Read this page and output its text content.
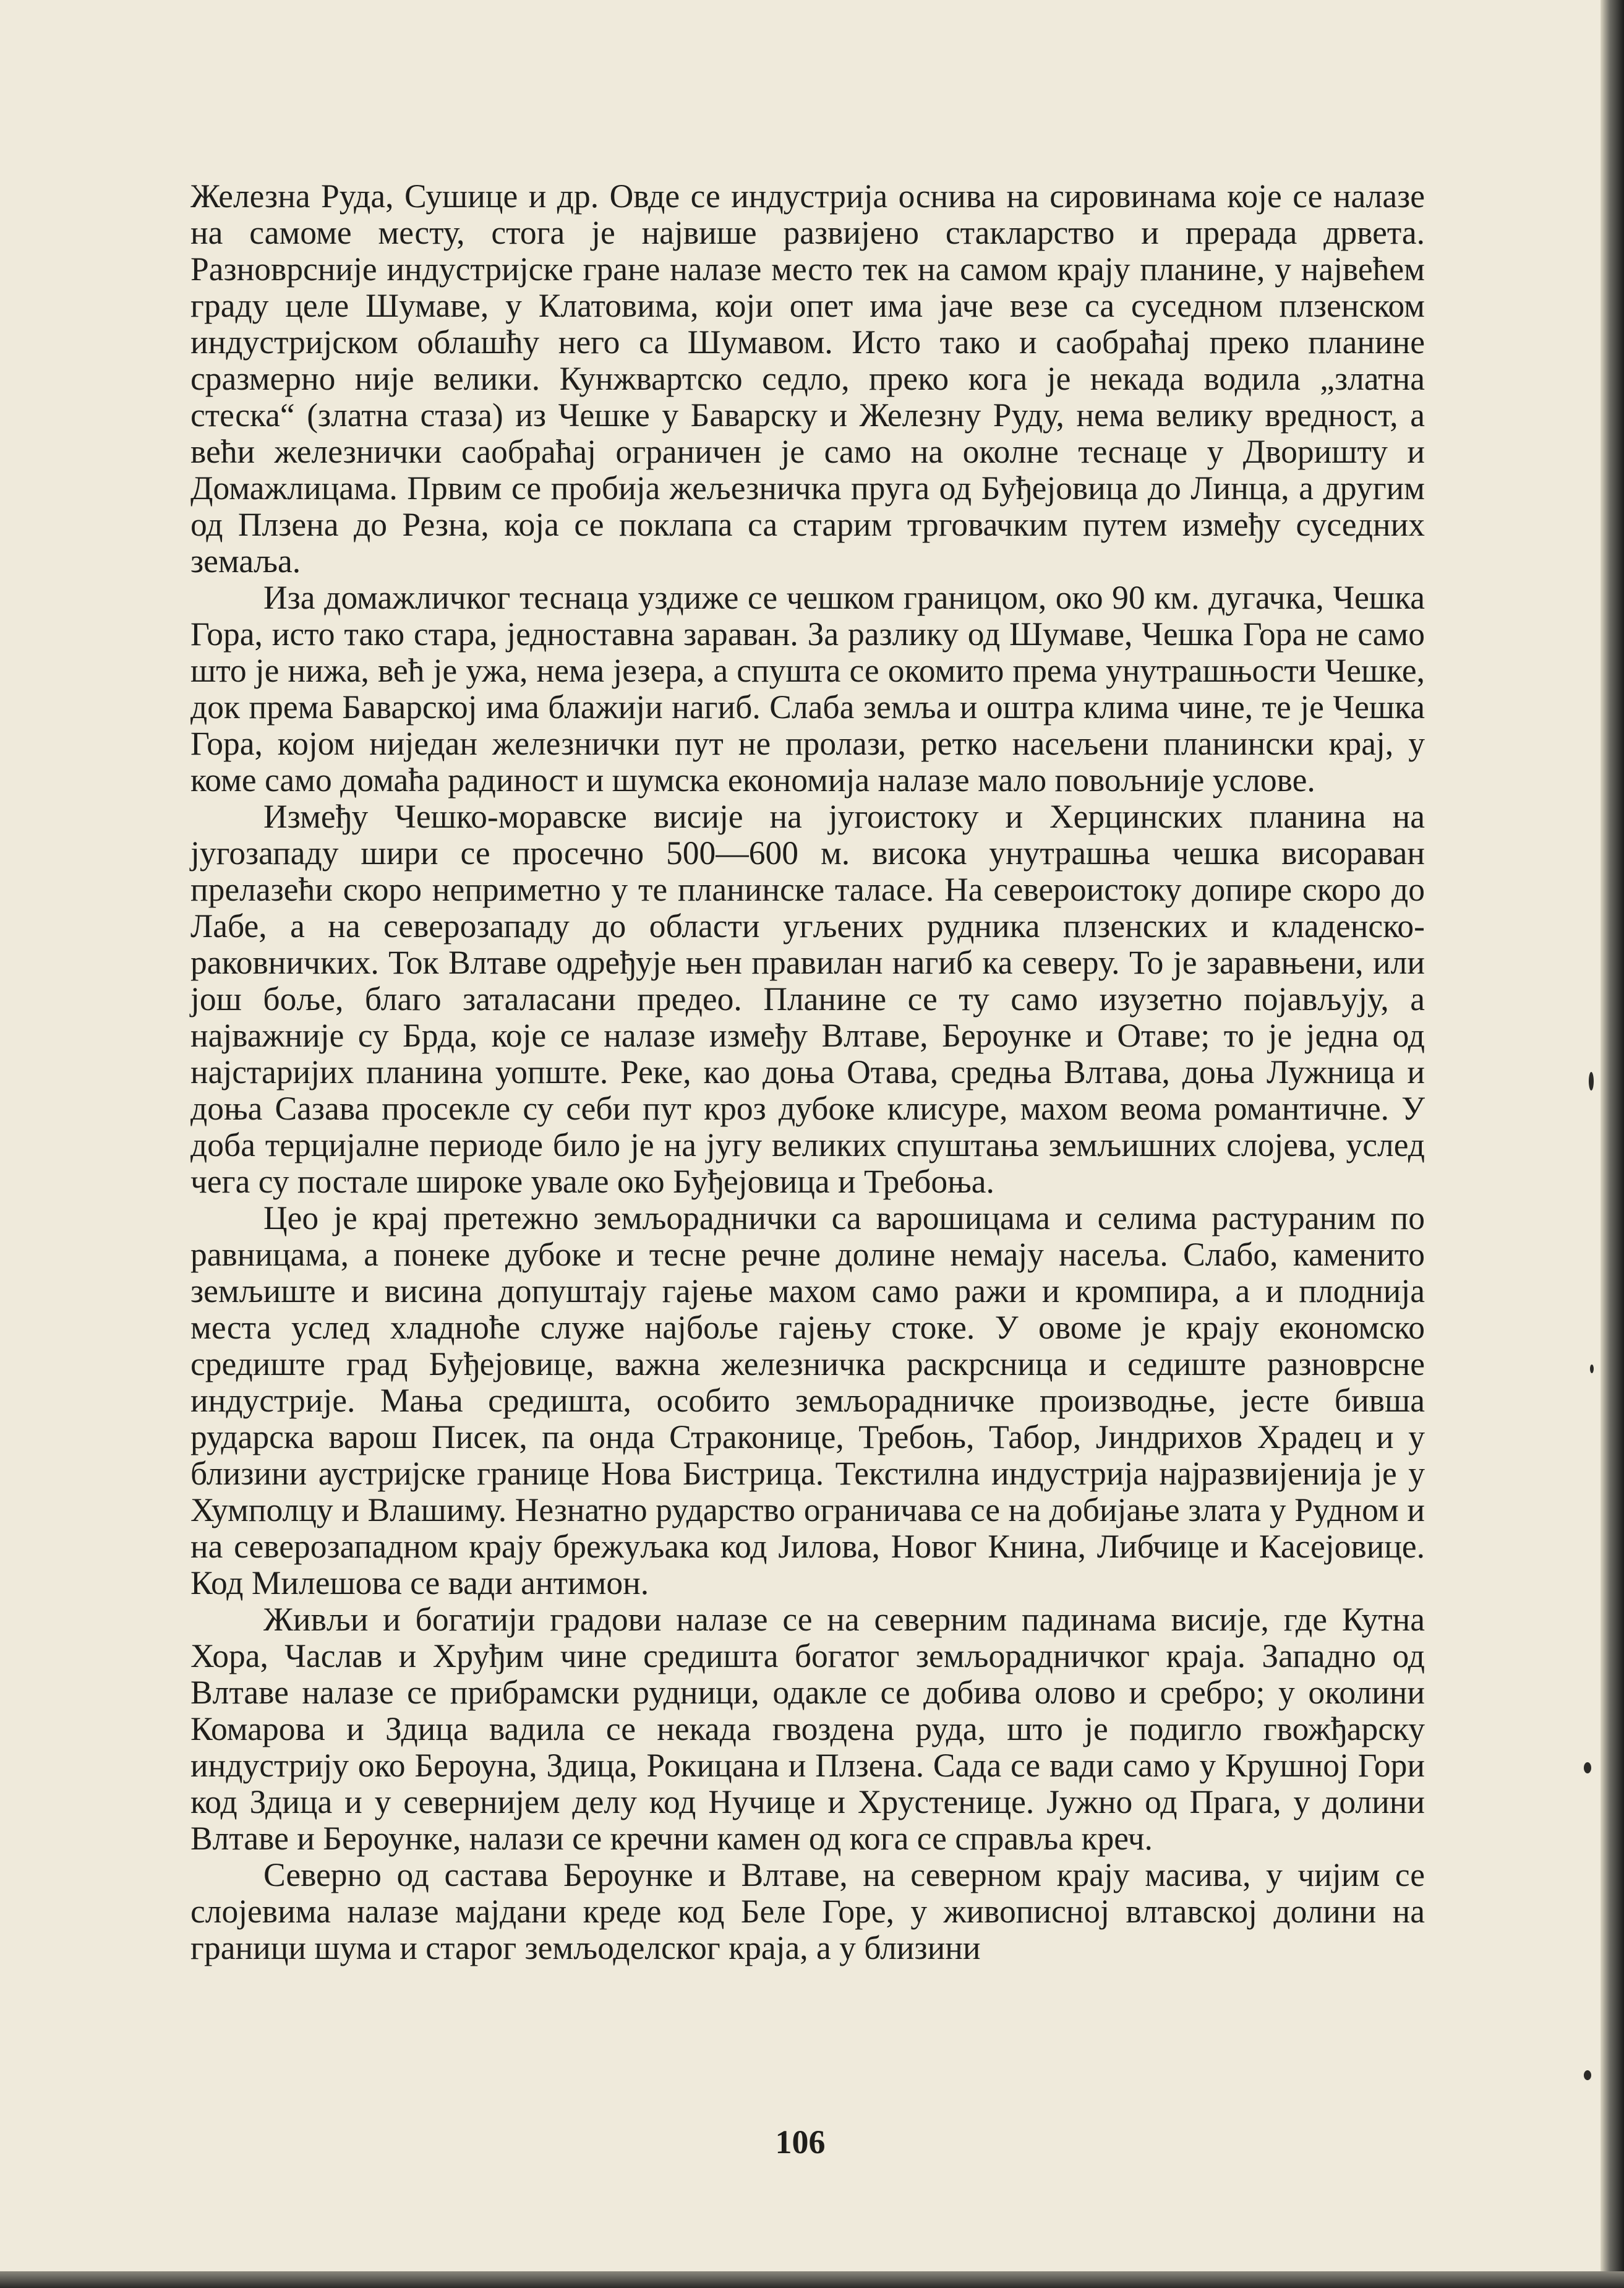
Железна Руда, Сушице и др. Овде се индустрија оснива на сировинама које се налазе на самоме месту, стога је највише развијено стакларство и прерада дрвета. Разноврсније индустријске гране налазе место тек на самом крају планине, у највећем граду целе Шумаве, у Клатовима, који опет има јаче везе са суседном плзенском индустријском облашћу него са Шумавом. Исто тако и саобраћај преко планине сразмерно није велики. Кунжвартско седло, преко кога је некада водила „златна стеска“ (златна стаза) из Чешке у Баварску и Железну Руду, нема велику вредност, а већи железнички саобраћај ограничен је само на околне теснаце у Дворишту и Домажлицама. Првим се пробија жељезничка пруга од Буђејовица до Линца, а другим од Плзена до Резна, која се поклапа са старим трговачким путем између суседних земаља.

Иза домажличког теснаца уздиже се чешком границом, око 90 км. дугачка, Чешка Гора, исто тако стара, једноставна зараван. За разлику од Шумаве, Чешка Гора не само што је нижа, већ је ужа, нема језера, а спушта се окомито према унутрашњости Чешке, док према Баварској има блажији нагиб. Слаба земља и оштра клима чине, те је Чешка Гора, којом ниједан железнички пут не пролази, ретко насељени планински крај, у коме само домаћа радиност и шумска економија налазе мало повољније услове.

Између Чешко-моравске висије на југоистоку и Херцинских планина на југозападу шири се просечно 500—600 м. висока унутрашња чешка висораван прелазећи скоро неприметно у те планинске таласе. На североистоку допире скоро до Лабе, а на северозападу до области угљених рудника плзенских и кладенско-раковничких. Ток Влтаве одређује њен правилан нагиб ка северу. То је заравњени, или још боље, благо заталасани предео. Планине се ту само изузетно појављују, а најважније су Брда, које се налазе између Влтаве, Бероунке и Отаве; то је једна од најстаријих планина уопште. Реке, као доња Отава, средња Влтава, доња Лужница и доња Сазава просекле су себи пут кроз дубоке клисуре, махом веома романтичне. У доба терцијалне периоде било је на југу великих спуштања земљишних слојева, услед чега су постале широке увале око Буђејовица и Трeбоња.

Цео је крај претежно земљораднички са варошицама и селима растураним по равницама, а понеке дубоке и тесне речне долине немају насеља. Слабо, каменито земљиште и висина допуштају гајење махом само ражи и кромпира, а и плоднија места услед хладноће служе најбоље гајењу стоке. У овоме је крају економско средиште град Буђејовице, важна железничка раскрсница и седиште разноврсне индустрије. Мања средишта, особито земљорадничке производње, јесте бивша рударска варош Писек, па онда Страконице, Требоњ, Табор, Јиндрихов Храдец и у близини аустријске границе Нова Бистрица. Текстилна индустрија најразвијенија је у Хумполцу и Влашиму. Незнатно рударство ограничава се на добијање злата у Рудном и на северозападном крају брежуљака код Јилова, Новог Книна, Либчице и Касејовице. Код Милешова се вади антимон.

Живљи и богатији градови налазе се на северним падинама висије, где Кутна Хора, Часлав и Хруђим чине средишта богатог земљорадничког краја. Западно од Влтаве налазе се прибрамски рудници, одакле се добива олово и сребро; у околини Комарова и Здица вадила се некада гвоздена руда, што је подигло гвожђарску индустрију око Бероуна, Здица, Рокицана и Плзена. Сада се вади само у Крушној Гори код Здица и у севернијем делу код Нучице и Хрустенице. Јужно од Прага, у долини Влтаве и Бероунке, налази се кречни камен од кога се справља креч.

Северно од састава Бероунке и Влтаве, на северном крају масива, у чијим се слојевима налазе мајдани креде код Беле Горе, у живописној влтавској долини на граници шума и старог земљоделског краја, а у близини

106
